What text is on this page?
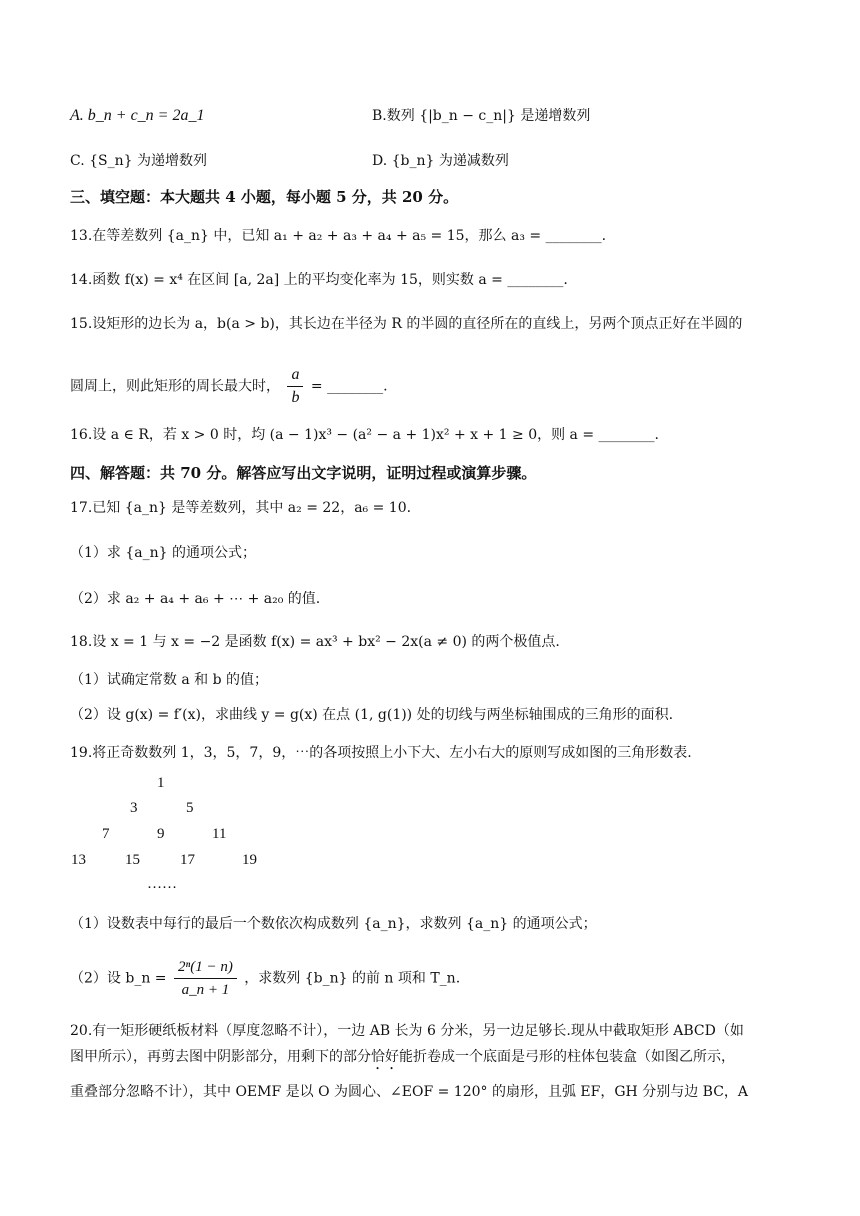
A. b_n + c_n = 2a_1	B.数列 {|b_n − c_n|} 是递增数列
C. {S_n} 为递增数列	D. {b_n} 为递减数列
三、填空题：本大题共 4 小题，每小题 5 分，共 20 分。
13.在等差数列 {a_n} 中，已知 a₁ + a₂ + a₃ + a₄ + a₅ = 15，那么 a₃ = ________.
14.函数 f(x) = x⁴ 在区间 [a, 2a] 上的平均变化率为 15，则实数 a = ________.
15.设矩形的边长为 a，b(a > b)，其长边在半径为 R 的半圆的直径所在的直线上，另两个顶点正好在半圆的
圆周上，则此矩形的周长最大时， $\frac{a}{b}$ = ________.
16.设 a ∈ R，若 x > 0 时，均 (a − 1)x³ − (a² − a + 1)x² + x + 1 ≥ 0，则 a = ________.
四、解答题：共 70 分。解答应写出文字说明，证明过程或演算步骤。
17.已知 {a_n} 是等差数列，其中 a₂ = 22，a₆ = 10.
（1）求 {a_n} 的通项公式；
（2）求 a₂ + a₄ + a₆ + ⋯ + a₂₀ 的值.
18.设 x = 1 与 x = −2 是函数 f(x) = ax³ + bx² − 2x(a ≠ 0) 的两个极值点.
（1）试确定常数 a 和 b 的值；
（2）设 g(x) = f′(x)，求曲线 y = g(x) 在点 (1, g(1)) 处的切线与两坐标轴围成的三角形的面积.
19.将正奇数数列 1，3，5，7，9，⋯的各项按照上小下大、左小右大的原则写成如图的三角形数表.
1
3	5
7	9	11
13	15	17	19
……
（1）设数表中每行的最后一个数依次构成数列 {a_n}，求数列 {a_n} 的通项公式；
（2）设 b_n = $\frac{\text{2ⁿ(1 − n)}}{a\_n + 1}$ ，求数列 {b_n} 的前 n 项和 T_n.
20.有一矩形硬纸板材料（厚度忽略不计），一边 AB 长为 6 分米，另一边足够长.现从中截取矩形 ABCD（如
图甲所示），再剪去图中阴影部分，用剩下的部分恰好能折卷成一个底面是弓形的柱体包装盒（如图乙所示，
重叠部分忽略不计），其中 OEMF 是以 O 为圆心、∠EOF = 120° 的扇形，且弧 EF，GH 分别与边 BC，A
